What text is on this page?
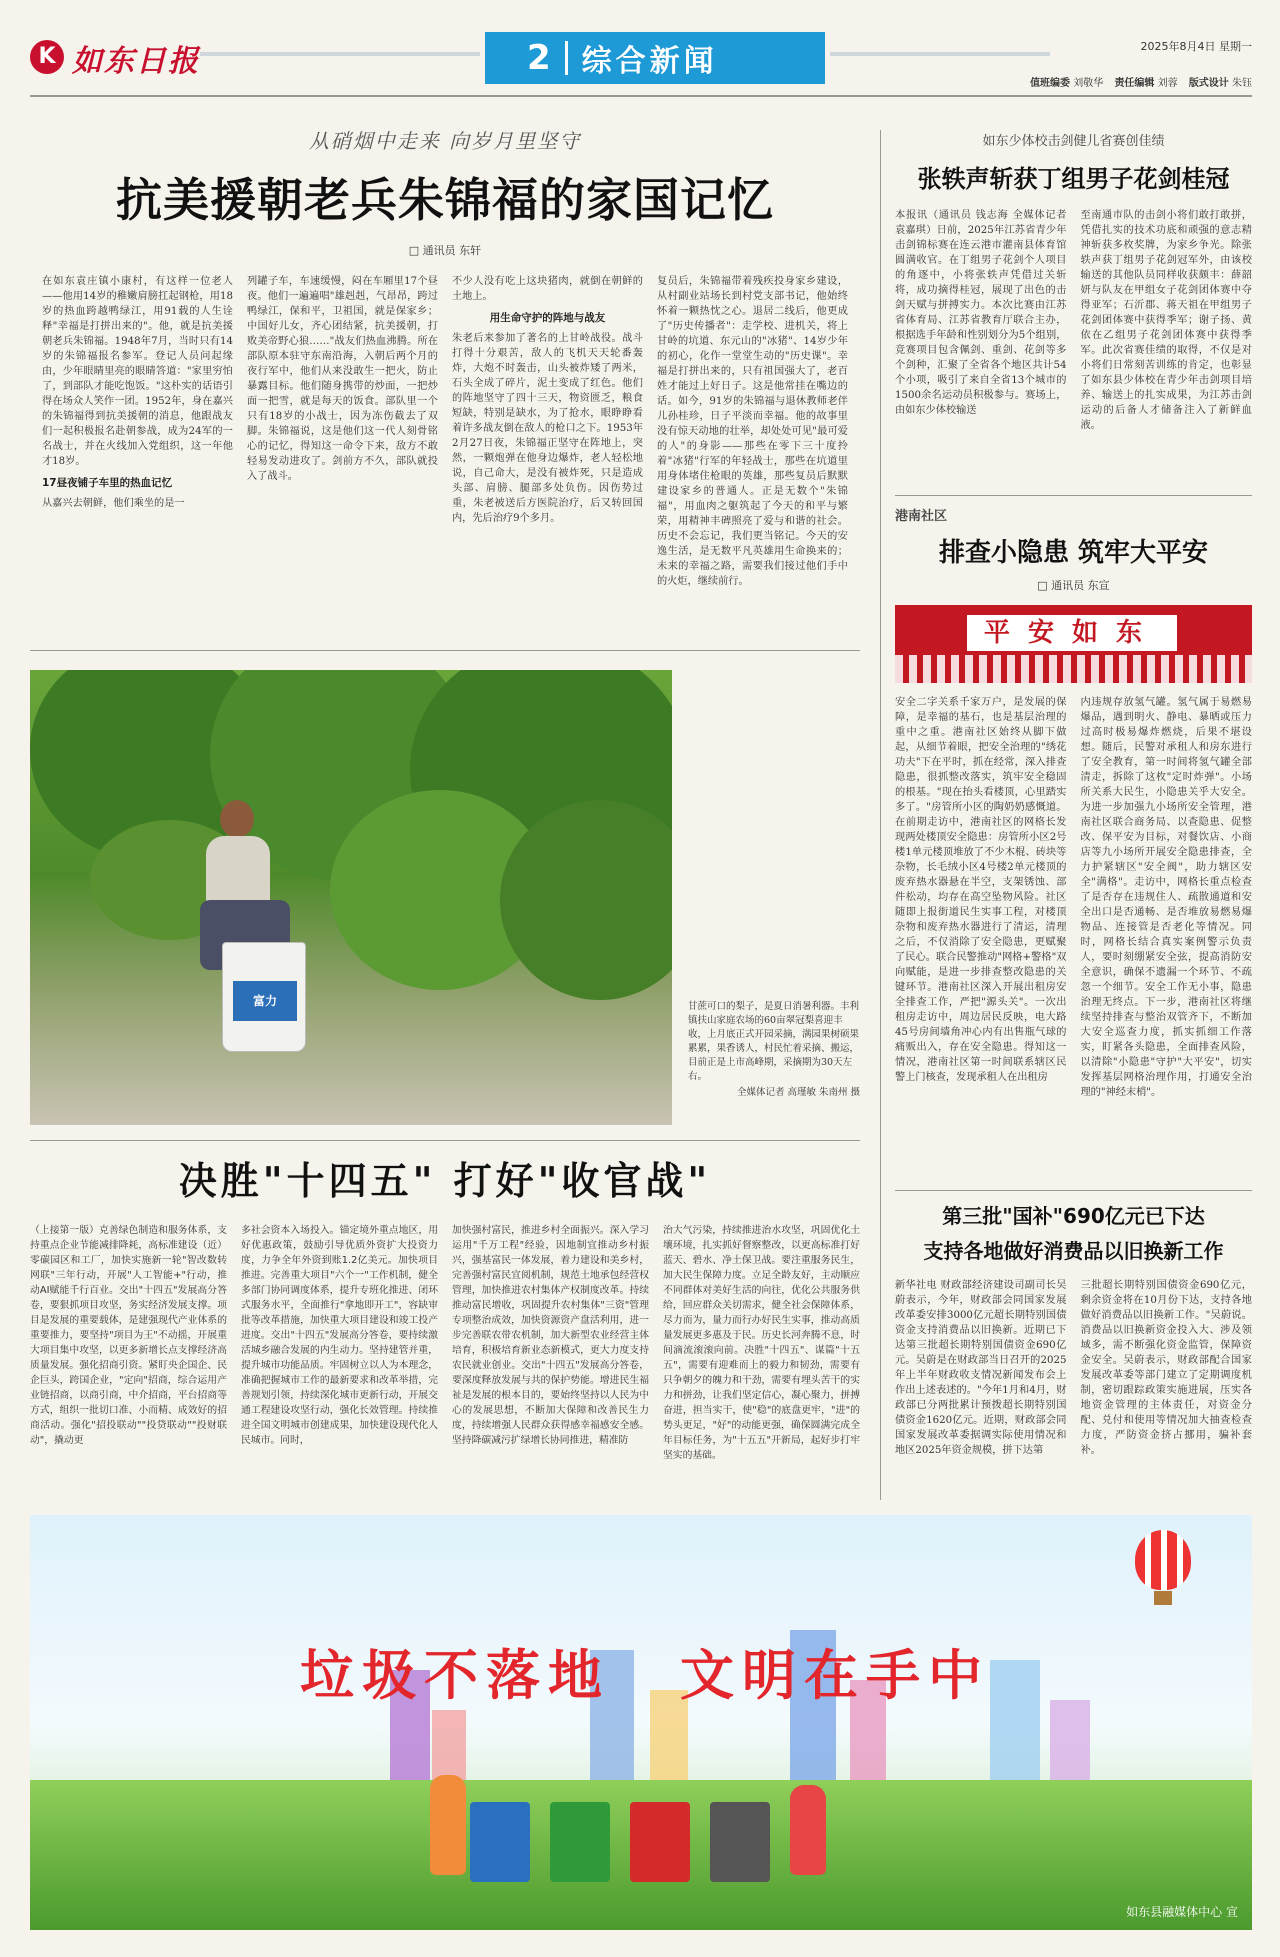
K 如东日报	2	综合新闻	2025年8月4日 星期一
值班编委 刘敬华 责任编辑 刘蓉 版式设计 朱钰
从硝烟中走来 向岁月里坚守
抗美援朝老兵朱锦福的家国记忆
□ 通讯员 东轩

在如东袁庄镇小康村，有这样一位老人——他用14岁的稚嫩肩膀扛起钢枪，用18岁的热血跨越鸭绿江，用91载的人生诠释"幸福是打拼出来的"。他，就是抗美援朝老兵朱锦福。1948年7月，当时只有14岁的朱锦福报名参军。登记人员问起缘由，少年眼睛里亮的眼睛答道："家里穷怕了，到部队才能吃饱饭。"这朴实的话语引得在场众人笑作一团。1952年，身在嘉兴的朱锦福得到抗美援朝的消息，他跟战友们一起积极报名赴朝参战，成为24军的一名战士，并在火线加入党组织，这一年他才18岁。

17昼夜铺子车里的热血记忆

从嘉兴去朝鲜，他们乘坐的是一

列罐子车，车速缓慢，闷在车厢里17个昼夜。他们一遍遍唱"雄赳赳，气昂昂，跨过鸭绿江，保和平，卫祖国，就是保家乡；中国好儿女，齐心团结紧，抗美援朝，打败美帝野心狼……"战友们热血沸腾。所在部队原本驻守东南沿海，入朝后两个月的夜行军中，他们从来没敢生一把火，防止暴露目标。他们随身携带的炒面，一把炒面一把雪，就是每天的饭食。部队里一个只有18岁的小战士，因为冻伤截去了双脚。朱锦福说，这是他们这一代人刻骨铭心的记忆，得知这一命令下来，敌方不敢轻易发动进攻了。剑前方不久，部队就投入了战斗。

不少人没有吃上这块猪肉，就倒在朝鲜的土地上。

用生命守护的阵地与战友

朱老后来参加了著名的上甘岭战役。战斗打得十分艰苦，敌人的飞机天天轮番轰炸，大炮不时轰击，山头被炸矮了两米，石头全成了碎片，泥土变成了红色。他们的阵地坚守了四十三天，物资匮乏，粮食短缺，特别是缺水，为了抢水，眼睁睁看着许多战友倒在敌人的枪口之下。1953年2月27日夜，朱锦福正坚守在阵地上，突然，一颗炮弹在他身边爆炸，老人轻松地说，自己命大，是没有被炸死，只是造成头部、肩膀、腿部多处负伤。因伤势过重，朱老被送后方医院治疗，后又转回国内，先后治疗9个多月。

复员后，朱锦福带着残疾投身家乡建设，从村副业站场长到村党支部书记，他始终怀着一颗热忱之心。退居二线后，他更成了"历史传播者"：走学校、进机关，将上甘岭的坑道、东元山的"冰猪"、14岁少年的初心，化作一堂堂生动的"历史课"。幸福是打拼出来的，只有祖国强大了，老百姓才能过上好日子。这是他常挂在嘴边的话。如今，91岁的朱锦福与退休教师老伴儿孙桂珍，日子平淡而幸福。他的故事里没有惊天动地的壮举，却处处可见"最可爱的人"的身影——那些在零下三十度拎着"冰猪"行军的年轻战士，那些在坑道里用身体堵住枪眼的英雄，那些复员后默默建设家乡的普通人。正是无数个"朱锦福"，用血肉之躯筑起了今天的和平与繁荣，用精神丰碑照亮了爱与和谐的社会。历史不会忘记，我们更当铭记。今天的安逸生活，是无数平凡英雄用生命换来的；未来的幸福之路，需要我们接过他们手中的火炬，继续前行。

富力	甘蔗可口的梨子，是夏日消暑利器。丰利镇扶山家庭农场的60亩翠冠梨喜迎丰收，上月底正式开园采摘，满园果树硕果累累，果香诱人，村民忙着采摘、搬运，目前正是上市高峰期，采摘期为30天左右。

全媒体记者 高瑾敏 朱南州 摄

决胜"十四五" 打好"收官战"

（上接第一版）克善绿色制造和服务体系，支持重点企业节能减排降耗，高标准建设（近）零碳园区和工厂，加快实施新一轮"智改数转网联"三年行动，开展"人工智能+"行动，推动AI赋能千行百业。交出"十四五"发展高分答卷，要狠抓项目攻坚，务实经济发展支撑。项目是发展的重要载体，是建强现代产业体系的重要推力，要坚持"项目为王"不动摇，开展重大项目集中攻坚，以更多新增长点支撑经济高质量发展。强化招商引资。紧盯央企国企、民企巨头，跨国企业，"定向"招商，综合运用产业链招商，以商引商，中介招商，平台招商等方式，组织一批切口准、小而精、成效好的招商活动。强化"招投联动""投贷联动""投财联动"，撬动更

多社会资本入场投入。锚定境外重点地区，用好优惠政策，鼓励引导优质外资扩大投资力度，力争全年外资到账1.2亿美元。加快项目推进。完善重大项目"六个一"工作机制，健全多部门协同调度体系，提升专班化推进、闭环式服务水平，全面推行"拿地即开工"，容缺审批等改革措施，加快重大项目建设和竣工投产进度。交出"十四五"发展高分答卷，要持续激活城乡融合发展的内生动力。坚持建管并重，提升城市功能品质。牢固树立以人为本理念，准确把握城市工作的最新要求和改革举措，完善规划引领，持续深化城市更新行动，开展交通工程建设攻坚行动，强化长效管理。持续推进全国文明城市创建成果，加快建设现代化人民城市。同时，

加快强村富民，推进乡村全面振兴。深入学习运用"千万工程"经验，因地制宜推动乡村振兴，强基富民一体发展，着力建设和美乡村，完善强村富民宜阅机制，规范土地承包经营权管理，加快推进农村集体产权制度改革。持续推动富民增收，巩固提升农村集体"三资"管理专项整治成效，加快资源资产盘活利用，进一步完善联农带农机制，加大新型农业经营主体培育，积极培育新业态新模式，更大力度支持农民就业创业。交出"十四五"发展高分答卷，要深度释放发展与共的保护势能。增进民生福祉是发展的根本目的，要始终坚持以人民为中心的发展思想，不断加大保障和改善民生力度，持续增强人民群众获得感幸福感安全感。坚持降碳减污扩绿增长协同推进，精准防

治大气污染，持续推进治水攻坚，巩固优化土壤环境，扎实抓好督察整改，以更高标准打好蓝天、碧水、净土保卫战。要注重服务民生，加大民生保障力度。立足全龄友好，主动顺应不同群体对美好生活的向往，优化公共服务供给，回应群众关切需求，健全社会保障体系，尽力而为，量力而行办好民生实事，推动高质量发展更多惠及于民。历史长河奔腾不息，时间滴流滚滚向前。决胜"十四五"、谋篇"十五五"，需要有迎难而上的毅力和韧劲，需要有只争朝夕的魄力和干劲，需要有埋头苦干的实力和拼劲，让我们坚定信心，凝心聚力，拼搏奋进，担当实干，使"稳"的底盘更牢，"进"的势头更足，"好"的动能更强，确保圆满完成全年目标任务，为"十五五"开新局，起好步打牢坚实的基础。

如东少体校击剑健儿省赛创佳绩
张轶声斩获丁组男子花剑桂冠

本报讯（通讯员 钱志海 全媒体记者 袁嘉琪）日前，2025年江苏省青少年击剑锦标赛在连云港市灌南县体育馆圆满收官。在丁组男子花剑个人项目的角逐中，小将张轶声凭借过关斩将，成功摘得桂冠，展现了出色的击剑天赋与拼搏实力。本次比赛由江苏省体育局、江苏省教育厅联合主办，根据选手年龄和性别划分为5个组别，竞赛项目包含佩剑、重剑、花剑等多个剑种，汇聚了全省各个地区共计54个小项，吸引了来自全省13个城市的1500余名运动员积极参与。赛场上，由如东少体校输送

至南通市队的击剑小将们敢打敢拼，凭借扎实的技术功底和顽强的意志精神斩获多枚奖牌，为家乡争光。除张轶声获丁组男子花剑冠军外，由该校输送的其他队员同样收获颇丰：薛韶妍与队友在甲组女子花剑团体赛中夺得亚军；石沂郡、蒋天祖在甲组男子花剑团体赛中获得季军；谢子扬、黄依在乙组男子花剑团体赛中获得季军。此次省赛佳绩的取得，不仅是对小将们日常刻苦训练的肯定，也彰显了如东县少体校在青少年击剑项目培养、输送上的扎实成果，为江苏击剑运动的后备人才储备注入了新鲜血液。

港南社区
排查小隐患 筑牢大平安
□ 通讯员 东宣
平安如东

安全二字关系千家万户，是发展的保障，是幸福的基石，也是基层治理的重中之重。港南社区始终从脚下做起，从细节着眼，把安全治理的"绣花功夫"下在平时，抓在经常，深入排查隐患，很抓整改落实，筑牢安全稳固的根基。"现在抬头看楼顶，心里踏实多了。"房管所小区的陶奶奶感慨道。在前期走访中，港南社区的网格长发现两处楼顶安全隐患：房管所小区2号楼1单元楼顶堆放了不少木棍、砖块等杂物，长毛绒小区4号楼2单元楼顶的废弃热水器悬在半空，支架锈蚀、部件松动，均存在高空坠物风险。社区随即上报街道民生实事工程，对楼顶杂物和废弃热水器进行了清运，清理之后，不仅消除了安全隐患，更赋聚了民心。联合民警推动"网格+警格"双向赋能，是进一步排查整改隐患的关键环节。港南社区深入开展出租房安全排查工作，严把"源头关"。一次出租房走访中，周边居民反映，电大路45号房间墙角冲心内有出售瓶气球的痛贩出入，存在安全隐患。得知这一情况，港南社区第一时间联系辖区民警上门核查，发现承租人在出租房

内违规存放氢气罐。氢气属于易燃易爆品，遇到明火、静电、暴晒或压力过高时极易爆炸燃烧，后果不堪设想。随后，民警对承租人和房东进行了安全教育，第一时间将氢气罐全部清走，拆除了这枚"定时炸弹"。小场所关系大民生，小隐患关乎大安全。为进一步加强九小场所安全管理，港南社区联合商务局、以查隐患、促整改、保平安为目标，对餐饮店、小商店等九小场所开展安全隐患排查，全力护紧辖区"安全阀"，助力辖区安全"满格"。走访中，网格长重点检查了是否存在违规住人、疏散通道和安全出口是否通畅、是否堆放易燃易爆物品、连接管是否老化等情况。同时，网格长结合真实案例警示负责人，要时刻绷紧安全弦，提高消防安全意识，确保不遗漏一个环节、不疏忽一个细节。安全工作无小事，隐患治理无终点。下一步，港南社区将继续坚持排查与整治双管齐下，不断加大安全巡查力度，抓实抓细工作落实，盯紧各头隐患，全面排查风险，以清除"小隐患"守护"大平安"，切实发挥基层网格治理作用，打通安全治理的"神经末梢"。

第三批"国补"690亿元已下达
支持各地做好消费品以旧换新工作

新华社电 财政部经济建设司副司长吴蔚表示，今年，财政部会同国家发展改革委安排3000亿元超长期特别国债资金支持消费品以旧换新。近期已下达第三批超长期特别国债资金690亿元。吴蔚是在财政部当日召开的2025年上半年财政收支情况新闻发布会上作出上述表述的。"今年1月和4月，财政部已分两批累计预拨超长期特别国债资金1620亿元。近期，财政部会同国家发展改革委据调实际使用情况和地区2025年资金规模，拼下达第

三批超长期特别国债资金690亿元，剩余资金将在10月份下达，支持各地做好消费品以旧换新工作。"吴蔚说。消费品以旧换新资金投入大、涉及领域多，需不断强化资金监管，保障资金安全。吴蔚表示，财政部配合国家发展改革委等部门建立了定期调度机制，密切跟踪政策实施进展，压实各地资金管理的主体责任，对资金分配、兑付和使用等情况加大抽查检查力度，严防资金挤占挪用，骗补套补。

垃圾不落地 文明在手中
如东县融媒体中心 宣
